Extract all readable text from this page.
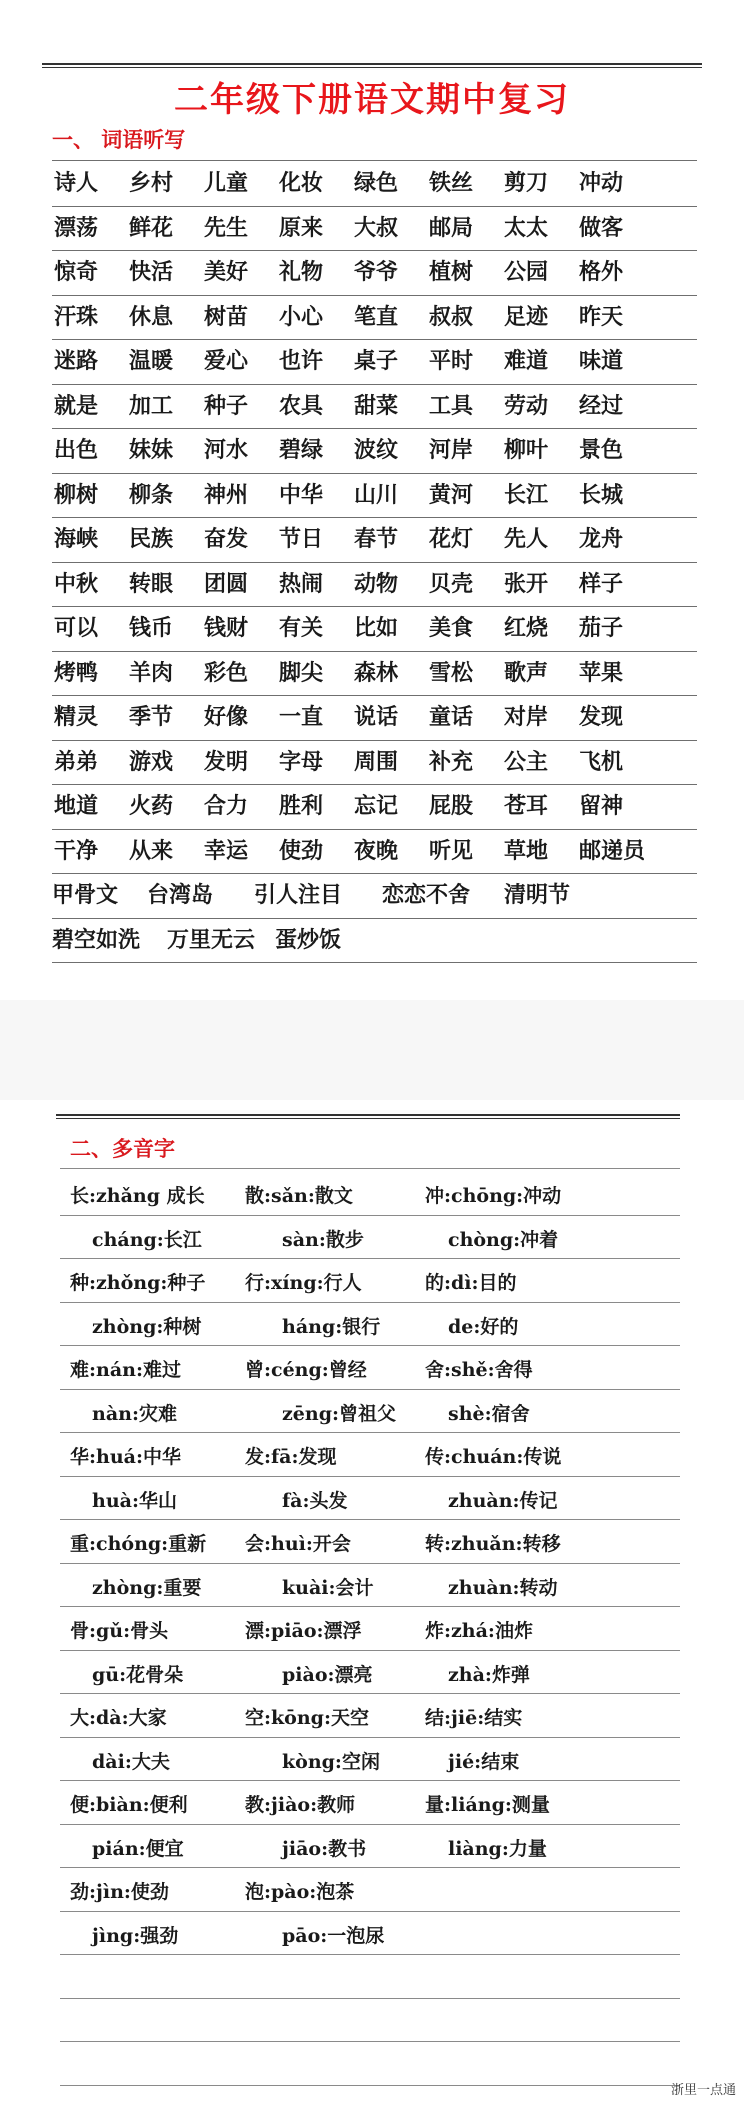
二年级下册语文期中复习
一、 词语听写
诗人 乡村 儿童 化妆 绿色 铁丝 剪刀 冲动
漂荡 鲜花 先生 原来 大叔 邮局 太太 做客
惊奇 快活 美好 礼物 爷爷 植树 公园 格外
汗珠 休息 树苗 小心 笔直 叔叔 足迹 昨天
迷路 温暖 爱心 也许 桌子 平时 难道 味道
就是 加工 种子 农具 甜菜 工具 劳动 经过
出色 妹妹 河水 碧绿 波纹 河岸 柳叶 景色
柳树 柳条 神州 中华 山川 黄河 长江 长城
海峡 民族 奋发 节日 春节 花灯 先人 龙舟
中秋 转眼 团圆 热闹 动物 贝壳 张开 样子
可以 钱币 钱财 有关 比如 美食 红烧 茄子
烤鸭 羊肉 彩色 脚尖 森林 雪松 歌声 苹果
精灵 季节 好像 一直 说话 童话 对岸 发现
弟弟 游戏 发明 字母 周围 补充 公主 飞机
地道 火药 合力 胜利 忘记 屁股 苍耳 留神
干净 从来 幸运 使劲 夜晚 听见 草地 邮递员
甲骨文 台湾岛 引人注目 恋恋不舍 清明节
碧空如洗 万里无云 蛋炒饭
二、多音字
长:zhǎng 成长 散:sǎn:散文	冲:chōng:冲动
cháng:长江	sàn:散步	chòng:冲着
种:zhǒng:种子 行:xíng:行人	的:dì:目的
zhòng:种树	háng:银行	de:好的
难:nán:难过	曾:céng:曾经	舍:shě:舍得
nàn:灾难	zēng:曾祖父	shè:宿舍
华:huá:中华	发:fā:发现	传:chuán:传说
huà:华山	fà:头发	zhuàn:传记
重:chóng:重新 会:huì:开会	转:zhuǎn:转移
zhòng:重要	kuài:会计	zhuàn:转动
骨:gǔ:骨头	漂:piāo:漂浮	炸:zhá:油炸
gū:花骨朵	piào:漂亮	zhà:炸弹
大:dà:大家	空:kōng:天空	结:jiē:结实
dài:大夫	kòng:空闲	jié:结束
便:biàn:便利	教:jiào:教师	量:liáng:测量
pián:便宜	jiāo:教书	liàng:力量
劲:jìn:使劲	泡:pào:泡茶
jìng:强劲	pāo:一泡尿
浙里一点通
